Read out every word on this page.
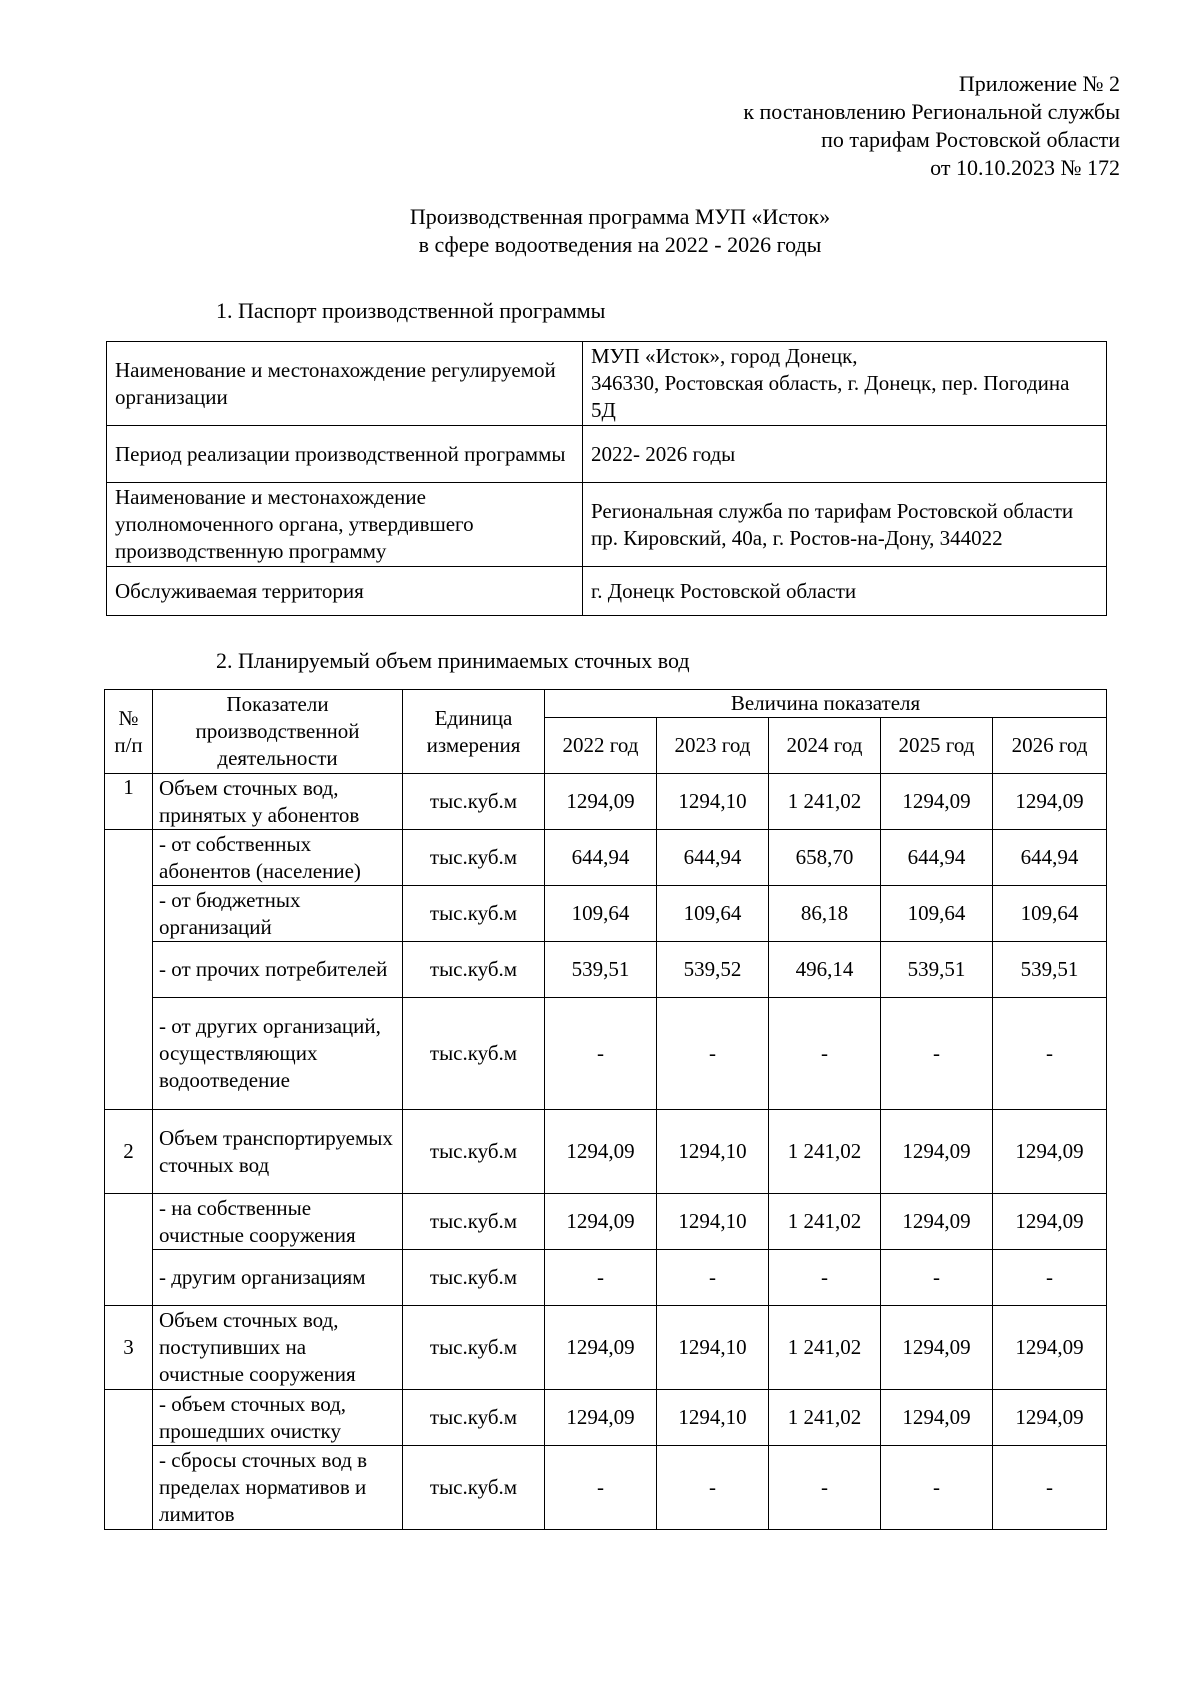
Приложение № 2
к постановлению Региональной службы
по тарифам Ростовской области
от 10.10.2023 № 172
Производственная программа МУП «Исток»
в сфере водоотведения на 2022 - 2026 годы
1. Паспорт производственной программы
Наименование и местонахождение регулируемой организации	МУП «Исток», город Донецк,
346330, Ростовская область, г. Донецк, пер. Погодина 5Д

Период реализации производственной программы	2022- 2026 годы

Наименование и местонахождение уполномоченного органа, утвердившего производственную программу	Региональная служба по тарифам Ростовской области
пр. Кировский, 40а, г. Ростов-на-Дону, 344022

Обслуживаемая территория	г. Донецк Ростовской области
2. Планируемый объем принимаемых сточных вод
№ п/п	Показатели производственной деятельности	Единица измерения	Величина показателя				
			2022 год	2023 год	2024 год	2025 год	2026 год
1	Объем сточных вод, принятых у абонентов	тыс.куб.м	1294,09	1294,10	1 241,02	1294,09	1294,09
	- от собственных абонентов (население)	тыс.куб.м	644,94	644,94	658,70	644,94	644,94
	- от бюджетных организаций	тыс.куб.м	109,64	109,64	86,18	109,64	109,64
	- от прочих потребителей	тыс.куб.м	539,51	539,52	496,14	539,51	539,51
	- от других организаций, осуществляющих водоотведение	тыс.куб.м	-	-	-	-	-
2	Объем транспортируемых сточных вод	тыс.куб.м	1294,09	1294,10	1 241,02	1294,09	1294,09
	- на собственные очистные сооружения	тыс.куб.м	1294,09	1294,10	1 241,02	1294,09	1294,09
	- другим организациям	тыс.куб.м	-	-	-	-	-
3	Объем сточных вод, поступивших на очистные сооружения	тыс.куб.м	1294,09	1294,10	1 241,02	1294,09	1294,09
	- объем сточных вод, прошедших очистку	тыс.куб.м	1294,09	1294,10	1 241,02	1294,09	1294,09
	- сбросы сточных вод в пределах нормативов и лимитов	тыс.куб.м	-	-	-	-	-
